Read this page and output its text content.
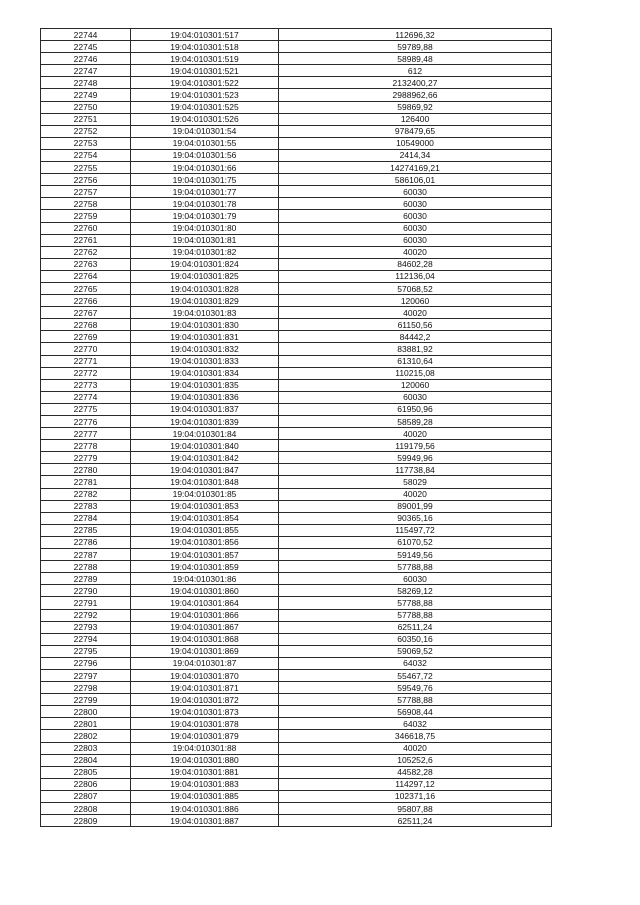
22744	19:04:010301:517	112696,32
22745	19:04:010301:518	59789,88
22746	19:04:010301:519	58989,48
22747	19:04:010301:521	612
22748	19:04:010301:522	2132400,27
22749	19:04:010301:523	2988962,66
22750	19:04:010301:525	59869,92
22751	19:04:010301:526	126400
22752	19:04:010301:54	978479,65
22753	19:04:010301:55	10549000
22754	19:04:010301:56	2414,34
22755	19:04:010301:66	14274169,21
22756	19:04:010301:75	586106,01
22757	19:04:010301:77	60030
22758	19:04:010301:78	60030
22759	19:04:010301:79	60030
22760	19:04:010301:80	60030
22761	19:04:010301:81	60030
22762	19:04:010301:82	40020
22763	19:04:010301:824	84602,28
22764	19:04:010301:825	112136,04
22765	19:04:010301:828	57068,52
22766	19:04:010301:829	120060
22767	19:04:010301:83	40020
22768	19:04:010301:830	61150,56
22769	19:04:010301:831	84442,2
22770	19:04:010301:832	83881,92
22771	19:04:010301:833	61310,64
22772	19:04:010301:834	110215,08
22773	19:04:010301:835	120060
22774	19:04:010301:836	60030
22775	19:04:010301:837	61950,96
22776	19:04:010301:839	58589,28
22777	19:04:010301:84	40020
22778	19:04:010301:840	119179,56
22779	19:04:010301:842	59949,96
22780	19:04:010301:847	117738,84
22781	19:04:010301:848	58029
22782	19:04:010301:85	40020
22783	19:04:010301:853	89001,99
22784	19:04:010301:854	90365,16
22785	19:04:010301:855	115497,72
22786	19:04:010301:856	61070,52
22787	19:04:010301:857	59149,56
22788	19:04:010301:859	57788,88
22789	19:04:010301:86	60030
22790	19:04:010301:860	58269,12
22791	19:04:010301:864	57788,88
22792	19:04:010301:866	57788,88
22793	19:04:010301:867	62511,24
22794	19:04:010301:868	60350,16
22795	19:04:010301:869	59069,52
22796	19:04:010301:87	64032
22797	19:04:010301:870	55467,72
22798	19:04:010301:871	59549,76
22799	19:04:010301:872	57788,88
22800	19:04:010301:873	56908,44
22801	19:04:010301:878	64032
22802	19:04:010301:879	346618,75
22803	19:04:010301:88	40020
22804	19:04:010301:880	105252,6
22805	19:04:010301:881	44582,28
22806	19:04:010301:883	114297,12
22807	19:04:010301:885	102371,16
22808	19:04:010301:886	95807,88
22809	19:04:010301:887	62511,24
